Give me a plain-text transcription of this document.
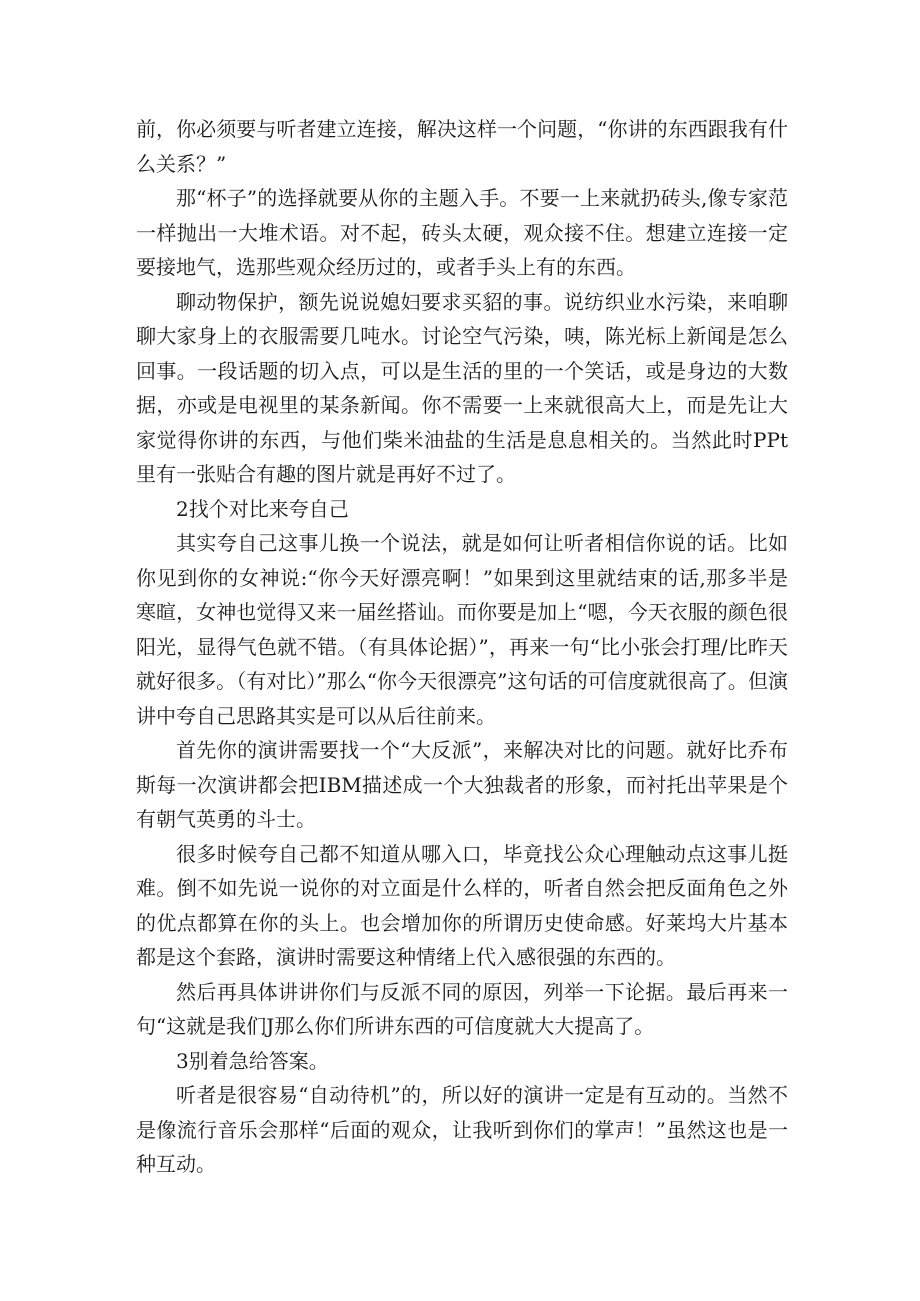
前，你必须要与听者建立连接，解决这样一个问题，“你讲的东西跟我有什么关系？”

那“杯子”的选择就要从你的主题入手。不要一上来就扔砖头,像专家范一样抛出一大堆术语。对不起，砖头太硬，观众接不住。想建立连接一定要接地气，选那些观众经历过的，或者手头上有的东西。

聊动物保护，额先说说媳妇要求买貂的事。说纺织业水污染，来咱聊聊大家身上的衣服需要几吨水。讨论空气污染，咦，陈光标上新闻是怎么回事。一段话题的切入点，可以是生活的里的一个笑话，或是身边的大数据，亦或是电视里的某条新闻。你不需要一上来就很高大上，而是先让大家觉得你讲的东西，与他们柴米油盐的生活是息息相关的。当然此时PPt里有一张贴合有趣的图片就是再好不过了。

2找个对比来夸自己

其实夸自己这事儿换一个说法，就是如何让听者相信你说的话。比如你见到你的女神说:“你今天好漂亮啊！”如果到这里就结束的话,那多半是寒暄，女神也觉得又来一届丝搭讪。而你要是加上“嗯，今天衣服的颜色很阳光，显得气色就不错。（有具体论据）”，再来一句“比小张会打理/比昨天就好很多。（有对比）”那么“你今天很漂亮”这句话的可信度就很高了。但演讲中夸自己思路其实是可以从后往前来。

首先你的演讲需要找一个“大反派”，来解决对比的问题。就好比乔布斯每一次演讲都会把IBM描述成一个大独裁者的形象，而衬托出苹果是个有朝气英勇的斗士。

很多时候夸自己都不知道从哪入口，毕竟找公众心理触动点这事儿挺难。倒不如先说一说你的对立面是什么样的，听者自然会把反面角色之外的优点都算在你的头上。也会增加你的所谓历史使命感。好莱坞大片基本都是这个套路，演讲时需要这种情绪上代入感很强的东西的。

然后再具体讲讲你们与反派不同的原因，列举一下论据。最后再来一句“这就是我们J那么你们所讲东西的可信度就大大提高了。

3别着急给答案。

听者是很容易“自动待机”的，所以好的演讲一定是有互动的。当然不是像流行音乐会那样“后面的观众，让我听到你们的掌声！”虽然这也是一种互动。
